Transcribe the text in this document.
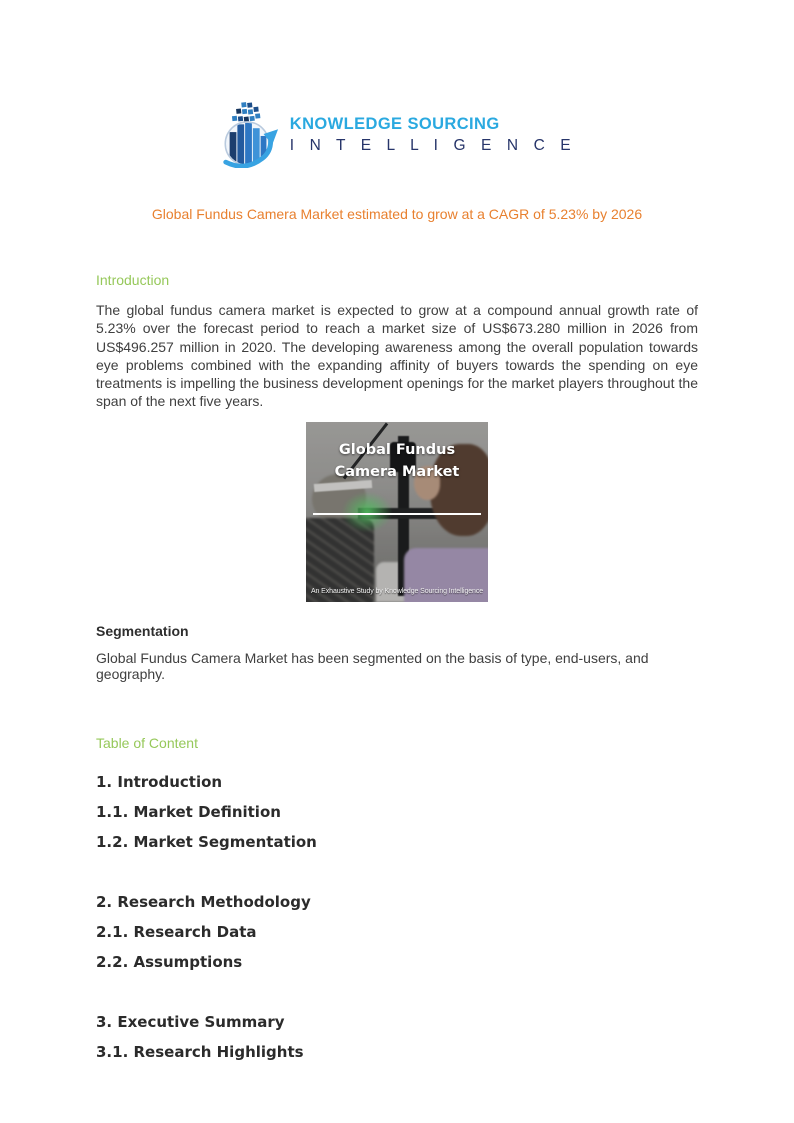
KNOWLEDGE SOURCING
I N T E L L I G E N C E
Global Fundus Camera Market estimated to grow at a CAGR of 5.23% by 2026
Introduction

The global fundus camera market is expected to grow at a compound annual growth rate of 5.23% over the forecast period to reach a market size of US$673.280 million in 2026 from US$496.257 million in 2020. The developing awareness among the overall population towards eye problems combined with the expanding affinity of buyers towards the spending on eye treatments is impelling the business development openings for the market players throughout the span of the next five years.

Global Fundus Camera Market
An Exhaustive Study by Knowledge Sourcing Intelligence
Segmentation

Global Fundus Camera Market has been segmented on the basis of type, end-users, and geography.

Table of Content

1. Introduction

1.1. Market Definition

1.2. Market Segmentation

2. Research Methodology

2.1. Research Data

2.2. Assumptions

3. Executive Summary

3.1. Research Highlights
